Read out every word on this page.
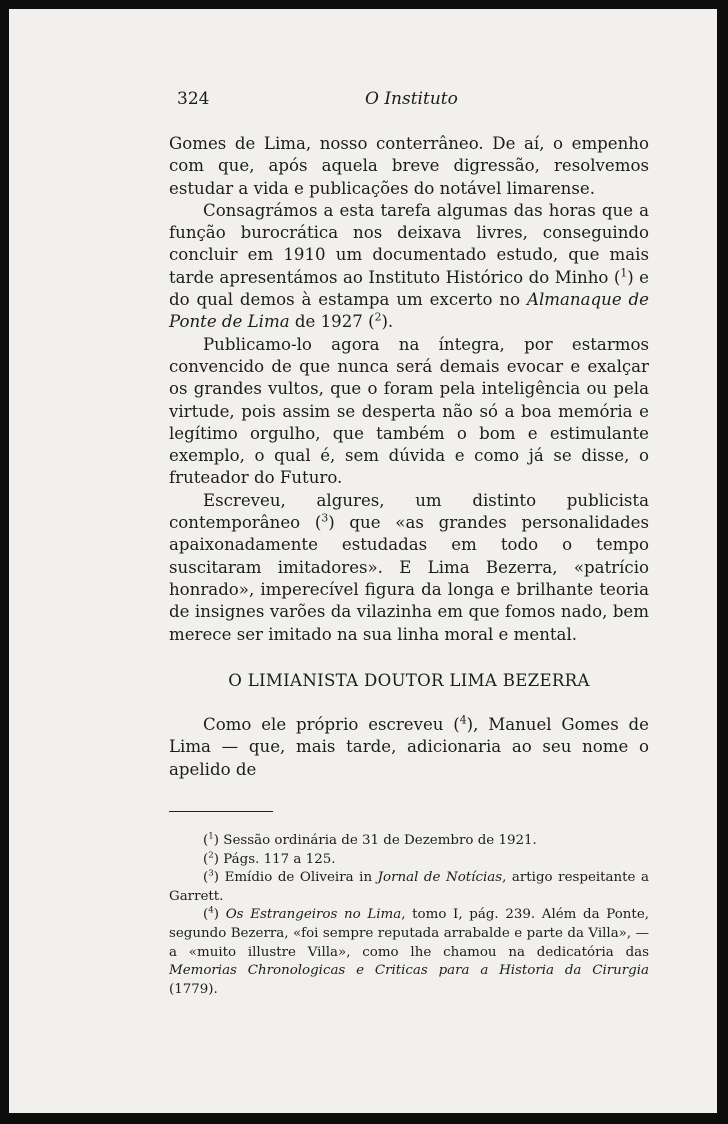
324	O Instituto

Gomes de Lima, nosso conterrâneo. De aí, o empenho com que, após aquela breve digressão, resolvemos estudar a vida e publicações do notável limarense.

Consagrámos a esta tarefa algumas das horas que a função burocrática nos deixava livres, conseguindo concluir em 1910 um documentado estudo, que mais tarde apresentámos ao Instituto Histórico do Minho ($^1$) e do qual demos à estampa um excerto no Almanaque de Ponte de Lima de 1927 ($^2$).

Publicamo-lo agora na íntegra, por estarmos convencido de que nunca será demais evocar e exalçar os grandes vultos, que o foram pela inteligência ou pela virtude, pois assim se desperta não só a boa memória e legítimo orgulho, que também o bom e estimulante exemplo, o qual é, sem dúvida e como já se disse, o fruteador do Futuro.

Escreveu, algures, um distinto publicista contemporâneo ($^3$) que «as grandes personalidades apaixonadamente estudadas em todo o tempo suscitaram imitadores». E Lima Bezerra, «patrício honrado», imperecível figura da longa e brilhante teoria de insignes varões da vilazinha em que fomos nado, bem merece ser imitado na sua linha moral e mental.

O LIMIANISTA DOUTOR LIMA BEZERRA

Como ele próprio escreveu ($^4$), Manuel Gomes de Lima — que, mais tarde, adicionaria ao seu nome o apelido de

($^1$) Sessão ordinária de 31 de Dezembro de 1921.

($^2$) Págs. 117 a 125.

($^3$) Emídio de Oliveira in Jornal de Notícias, artigo respeitante a Garrett.

($^4$) Os Estrangeiros no Lima, tomo I, pág. 239. Além da Ponte, segundo Bezerra, «foi sempre reputada arrabalde e parte da Villa», — a «muito illustre Villa», como lhe chamou na dedicatória das Memorias Chronologicas e Criticas para a Historia da Cirurgia (1779).
